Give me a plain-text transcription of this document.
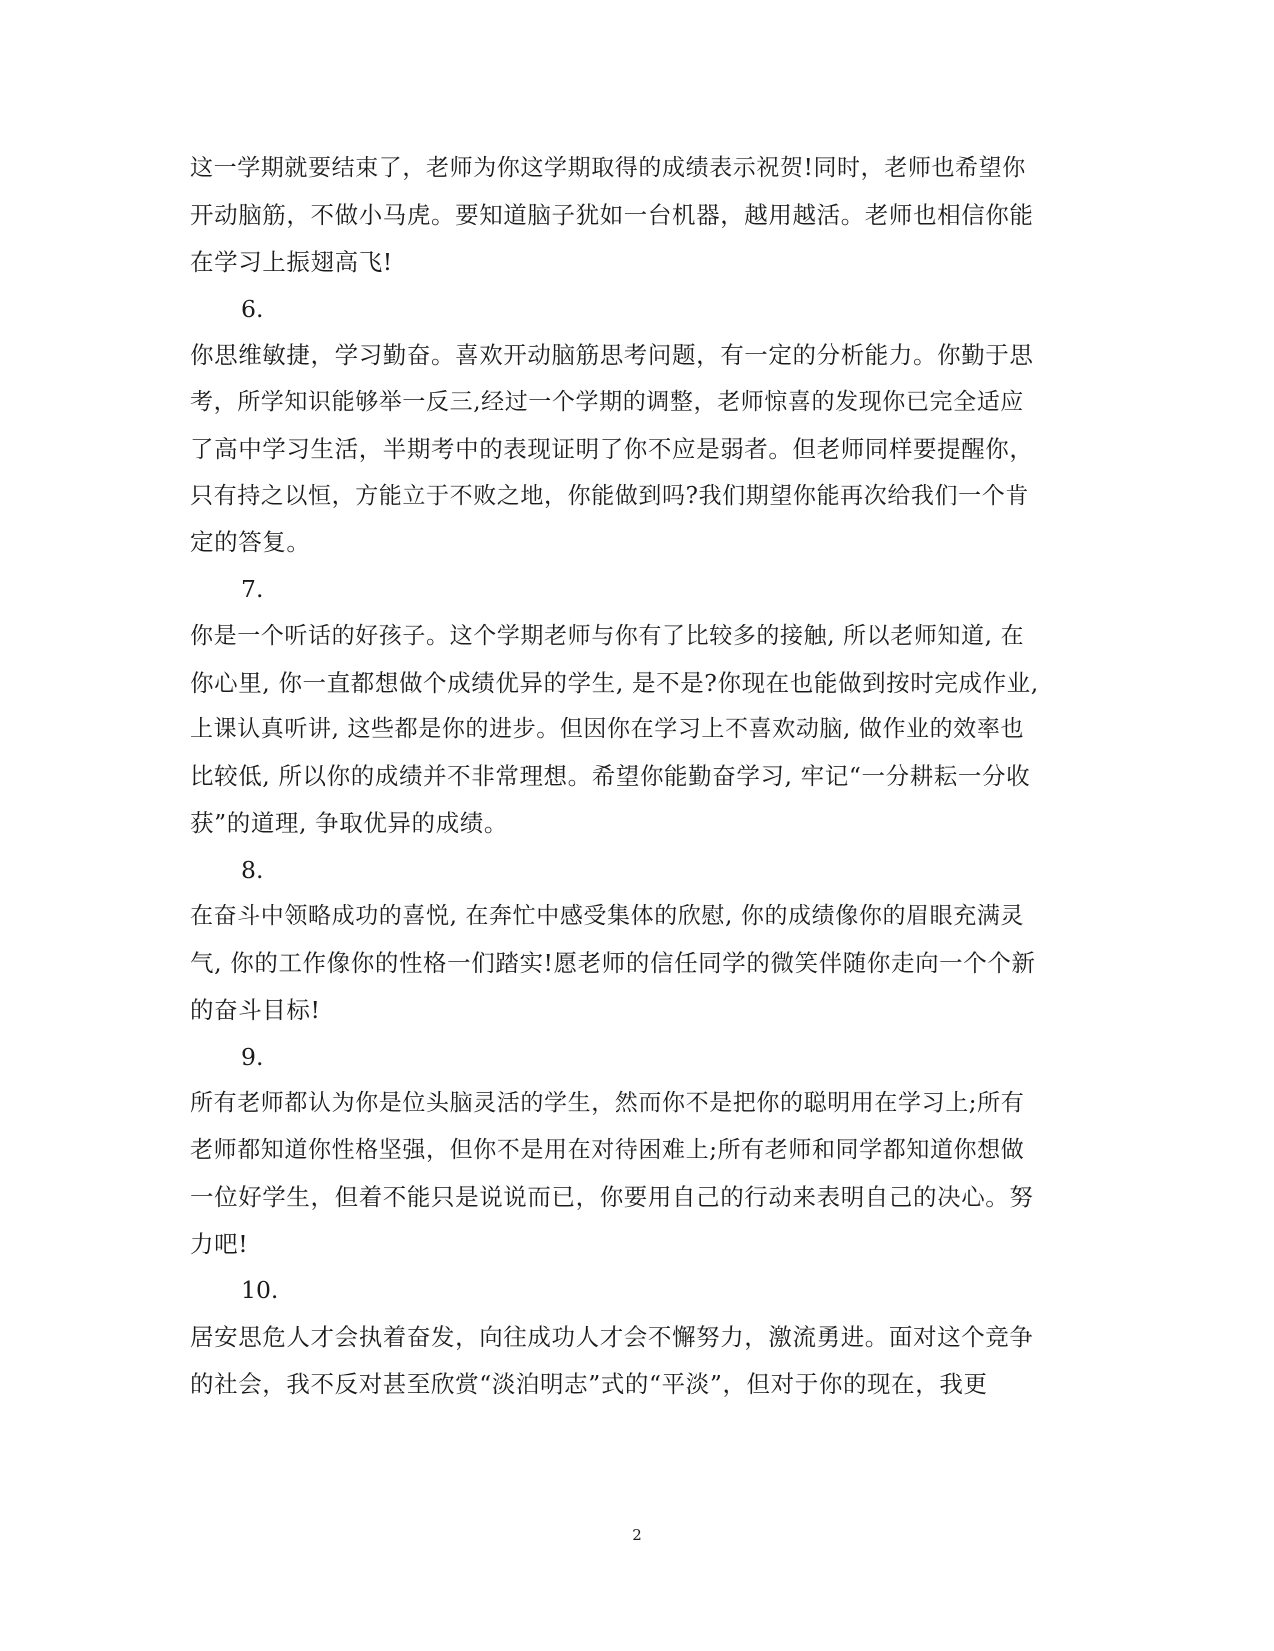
这一学期就要结束了，老师为你这学期取得的成绩表示祝贺!同时，老师也希望你
开动脑筋，不做小马虎。要知道脑子犹如一台机器，越用越活。老师也相信你能
在学习上振翅高飞!
6.
你思维敏捷，学习勤奋。喜欢开动脑筋思考问题，有一定的分析能力。你勤于思
考，所学知识能够举一反三,经过一个学期的调整，老师惊喜的发现你已完全适应
了高中学习生活，半期考中的表现证明了你不应是弱者。但老师同样要提醒你，
只有持之以恒，方能立于不败之地，你能做到吗?我们期望你能再次给我们一个肯
定的答复。
7.
你是一个听话的好孩子。这个学期老师与你有了比较多的接触, 所以老师知道, 在
你心里, 你一直都想做个成绩优异的学生, 是不是?你现在也能做到按时完成作业,
上课认真听讲, 这些都是你的进步。但因你在学习上不喜欢动脑, 做作业的效率也
比较低, 所以你的成绩并不非常理想。希望你能勤奋学习, 牢记“一分耕耘一分收
获”的道理, 争取优异的成绩。
8.
在奋斗中领略成功的喜悦, 在奔忙中感受集体的欣慰, 你的成绩像你的眉眼充满灵
气, 你的工作像你的性格一们踏实!愿老师的信任同学的微笑伴随你走向一个个新
的奋斗目标!
9.
所有老师都认为你是位头脑灵活的学生，然而你不是把你的聪明用在学习上;所有
老师都知道你性格坚强，但你不是用在对待困难上;所有老师和同学都知道你想做
一位好学生，但着不能只是说说而已，你要用自己的行动来表明自己的决心。努
力吧!
10.
居安思危人才会执着奋发，向往成功人才会不懈努力，激流勇进。面对这个竞争
的社会，我不反对甚至欣赏“淡泊明志”式的“平淡”，但对于你的现在，我更
2
